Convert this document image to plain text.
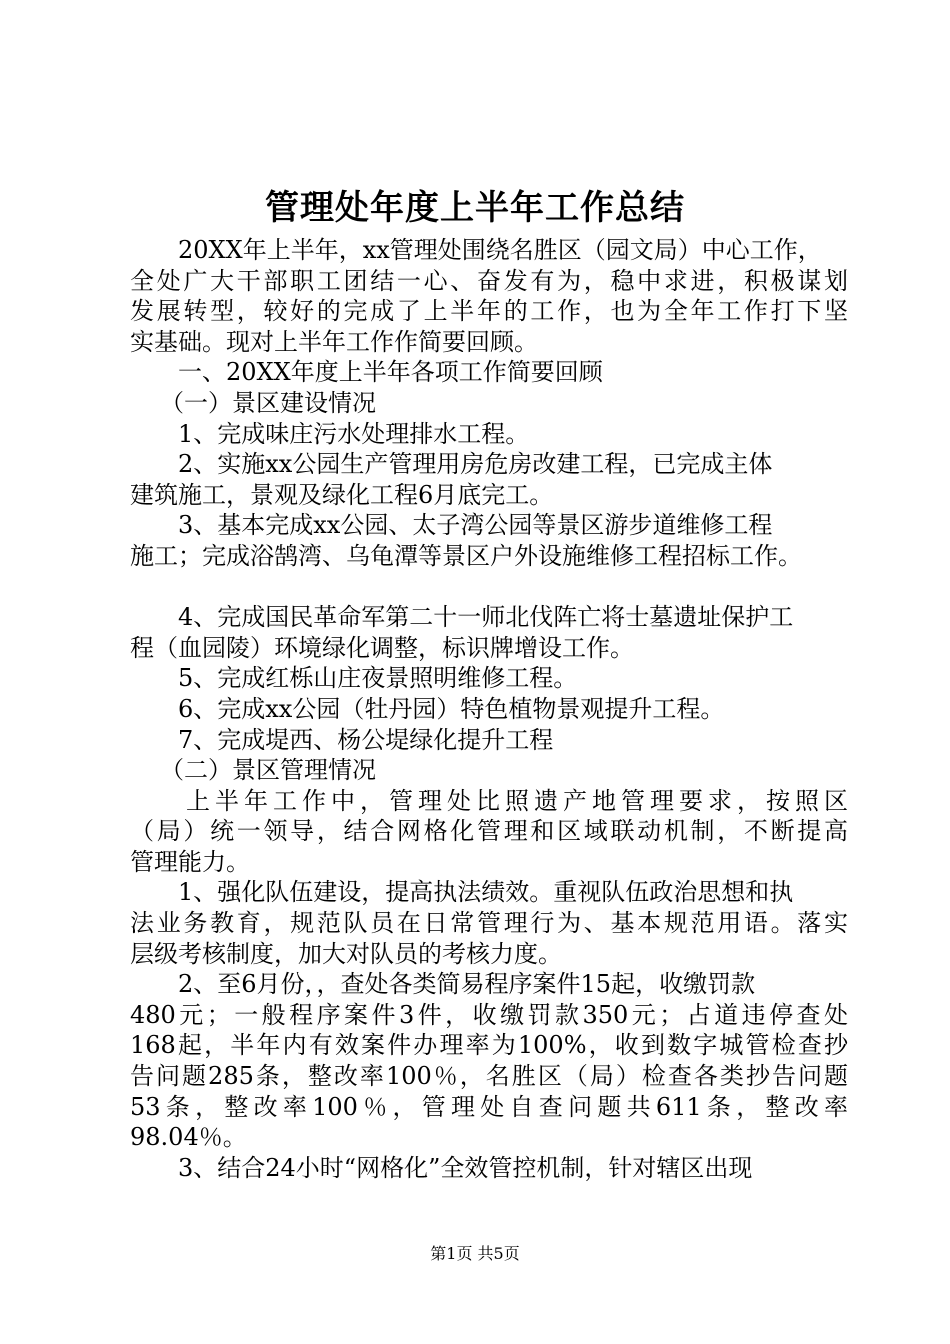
管理处年度上半年工作总结
20XX年上半年，xx管理处围绕名胜区（园文局）中心工作，
全处广大干部职工团结一心、奋发有为，稳中求进，积极谋划
发展转型，较好的完成了上半年的工作，也为全年工作打下坚
实基础。现对上半年工作作简要回顾。
一、20XX年度上半年各项工作简要回顾
（一）景区建设情况
1、完成味庄污水处理排水工程。
2、实施xx公园生产管理用房危房改建工程，已完成主体
建筑施工，景观及绿化工程6月底完工。
3、基本完成xx公园、太子湾公园等景区游步道维修工程
施工；完成浴鹄湾、乌龟潭等景区户外设施维修工程招标工作。
4、完成国民革命军第二十一师北伐阵亡将士墓遗址保护工
程（血园陵）环境绿化调整，标识牌增设工作。
5、完成红栎山庄夜景照明维修工程。
6、完成xx公园（牡丹园）特色植物景观提升工程。
7、完成堤西、杨公堤绿化提升工程
（二）景区管理情况
上半年工作中，管理处比照遗产地管理要求，按照区
（局）统一领导，结合网格化管理和区域联动机制，不断提高
管理能力。
1、强化队伍建设，提高执法绩效。重视队伍政治思想和执
法业务教育，规范队员在日常管理行为、基本规范用语。落实
层级考核制度，加大对队员的考核力度。
2、至6月份，，查处各类简易程序案件15起，收缴罚款
480元；一般程序案件3件，收缴罚款350元；占道违停查处
168起，半年内有效案件办理率为100%，收到数字城管检查抄
告问题285条，整改率100％，名胜区（局）检查各类抄告问题
53条，整改率100％，管理处自查问题共611条，整改率
98.04％。
3、结合24小时“网格化”全效管控机制，针对辖区出现
第1页 共5页
